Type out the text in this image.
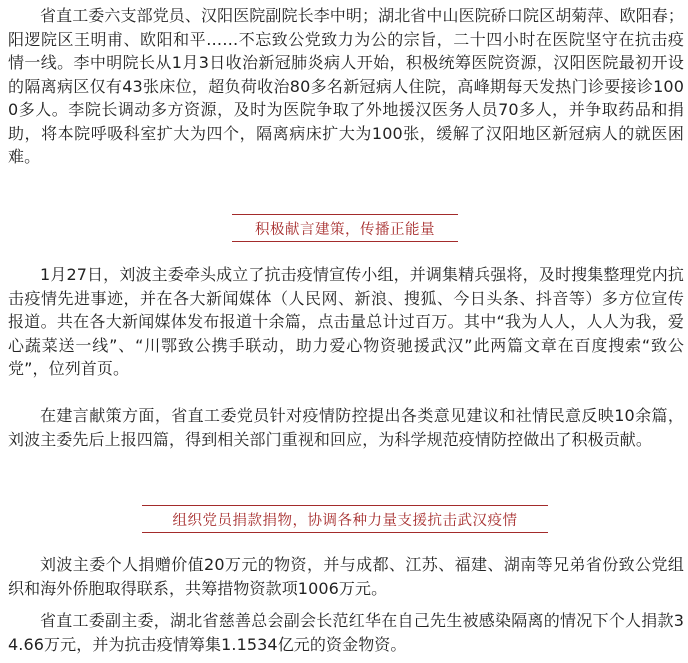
省直工委六支部党员、汉阳医院副院长李中明；湖北省中山医院硚口院区胡菊萍、欧阳春；阳逻院区王明甫、欧阳和平……不忘致公党致力为公的宗旨，二十四小时在医院坚守在抗击疫情一线。李中明院长从1月3日收治新冠肺炎病人开始，积极统筹医院资源，汉阳医院最初开设的隔离病区仅有43张床位，超负荷收治80多名新冠病人住院，高峰期每天发热门诊要接诊1000多人。李院长调动多方资源，及时为医院争取了外地援汉医务人员70多人，并争取药品和捐助，将本院呼吸科室扩大为四个，隔离病床扩大为100张，缓解了汉阳地区新冠病人的就医困难。

积极献言建策，传播正能量

1月27日，刘波主委牵头成立了抗击疫情宣传小组，并调集精兵强将，及时搜集整理党内抗击疫情先进事迹，并在各大新闻媒体（人民网、新浪、搜狐、今日头条、抖音等）多方位宣传报道。共在各大新闻媒体发布报道十余篇，点击量总计过百万。其中“我为人人，人人为我，爱心蔬菜送一线”、“川鄂致公携手联动，助力爱心物资驰援武汉”此两篇文章在百度搜索“致公党”，位列首页。

在建言献策方面，省直工委党员针对疫情防控提出各类意见建议和社情民意反映10余篇，刘波主委先后上报四篇，得到相关部门重视和回应，为科学规范疫情防控做出了积极贡献。

组织党员捐款捐物，协调各种力量支援抗击武汉疫情

刘波主委个人捐赠价值20万元的物资，并与成都、江苏、福建、湖南等兄弟省份致公党组织和海外侨胞取得联系，共筹措物资款项1006万元。

省直工委副主委，湖北省慈善总会副会长范红华在自己先生被感染隔离的情况下个人捐款34.66万元，并为抗击疫情筹集1.1534亿元的资金物资。
